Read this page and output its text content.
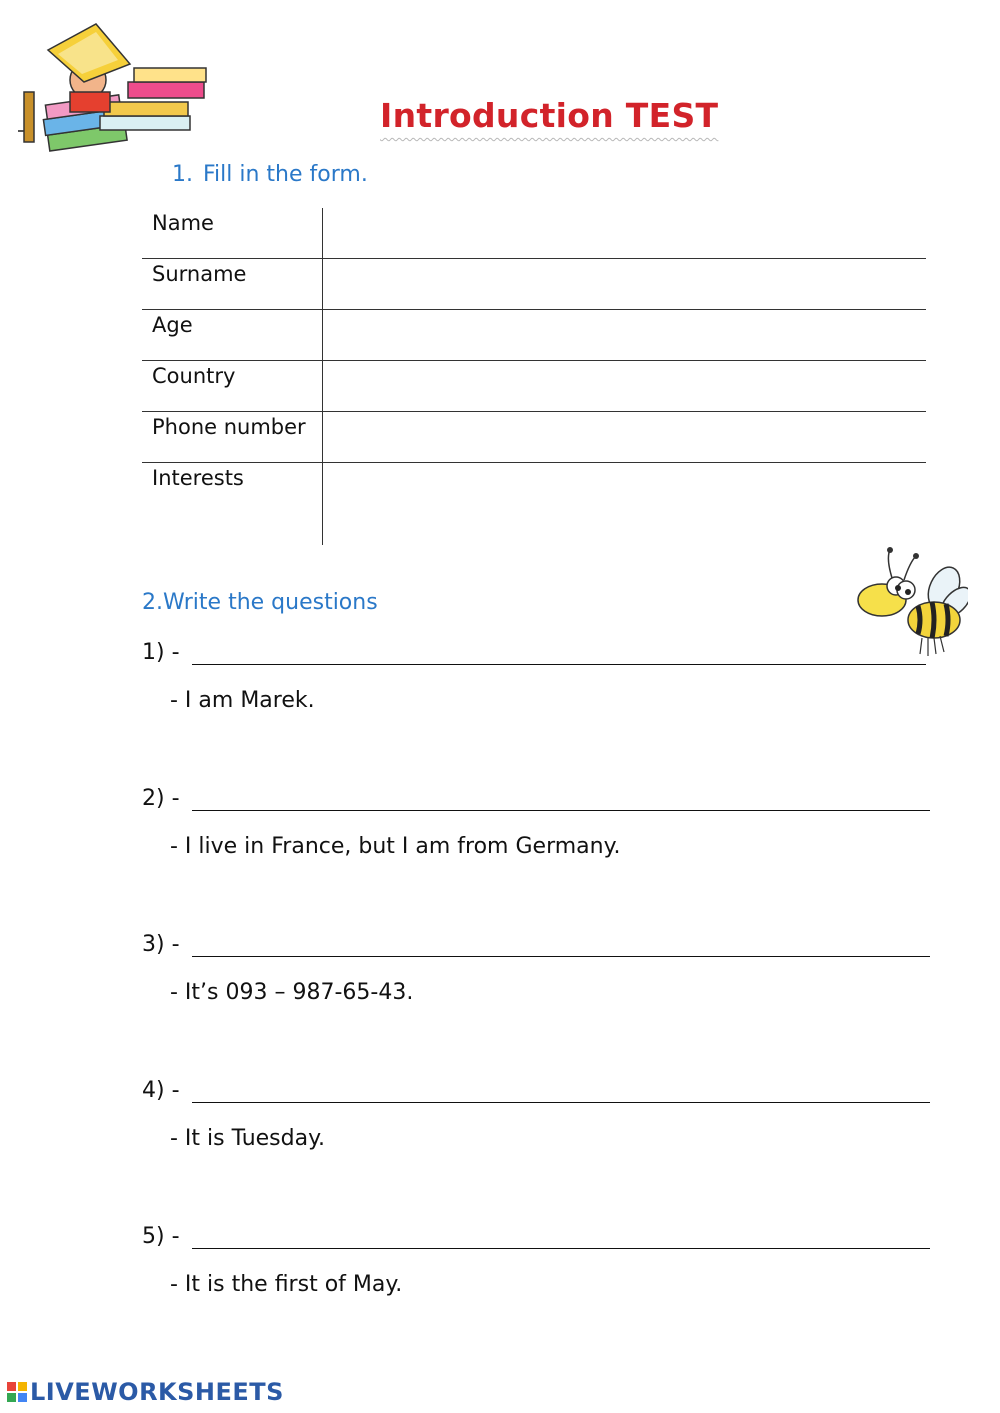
Introduction TEST
1. Fill in the form.
Name
Surname
Age
Country
Phone number
Interests
2.Write the questions
1) -
- I am Marek.
2) -
- I live in France, but I am from Germany.
3) -
- It’s 093 – 987-65-43.
4) -
- It is Tuesday.
5) -
- It is the first of May.
LIVEWORKSHEETS
